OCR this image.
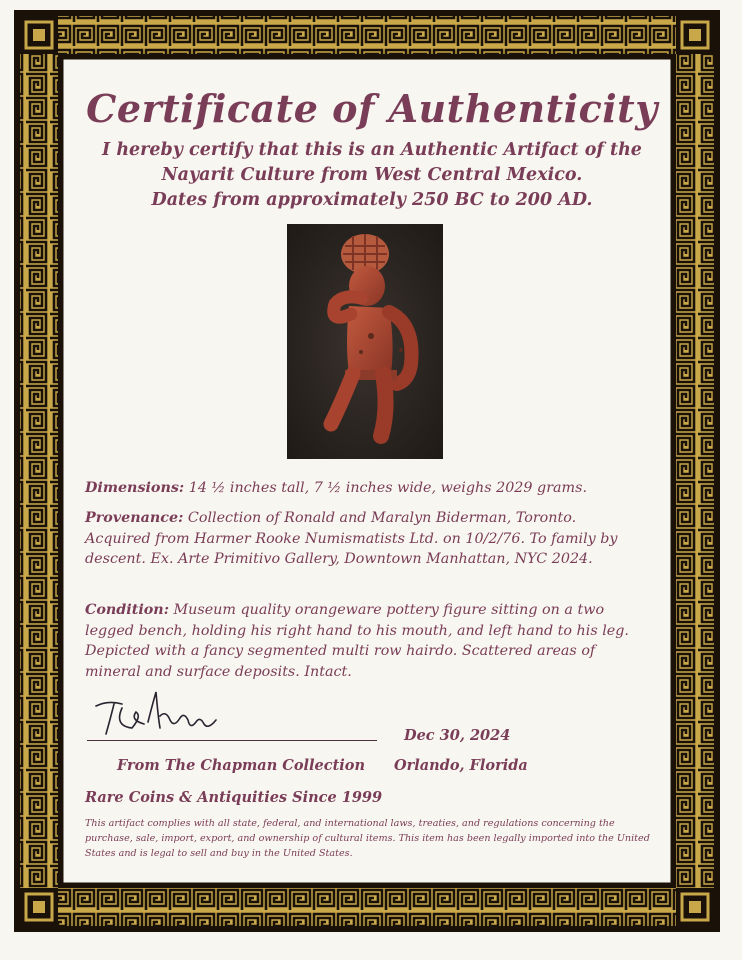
Certificate of Authenticity
I hereby certify that this is an Authentic Artifact of the
Nayarit Culture from West Central Mexico.
Dates from approximately 250 BC to 200 AD.
Dimensions: 14 ½ inches tall, 7 ½ inches wide, weighs 2029 grams.
Provenance: Collection of Ronald and Maralyn Biderman, Toronto. Acquired from Harmer Rooke Numismatists Ltd. on 10/2/76. To family by descent. Ex. Arte Primitivo Gallery, Downtown Manhattan, NYC 2024.
Condition: Museum quality orangeware pottery figure sitting on a two legged bench, holding his right hand to his mouth, and left hand to his leg. Depicted with a fancy segmented multi row hairdo. Scattered areas of mineral and surface deposits. Intact.
From The Chapman Collection
Dec 30, 2024
Orlando, Florida
Rare Coins & Antiquities Since 1999
This artifact complies with all state, federal, and international laws, treaties, and regulations concerning the purchase, sale, import, export, and ownership of cultural items. This item has been legally imported into the United States and is legal to sell and buy in the United States.
